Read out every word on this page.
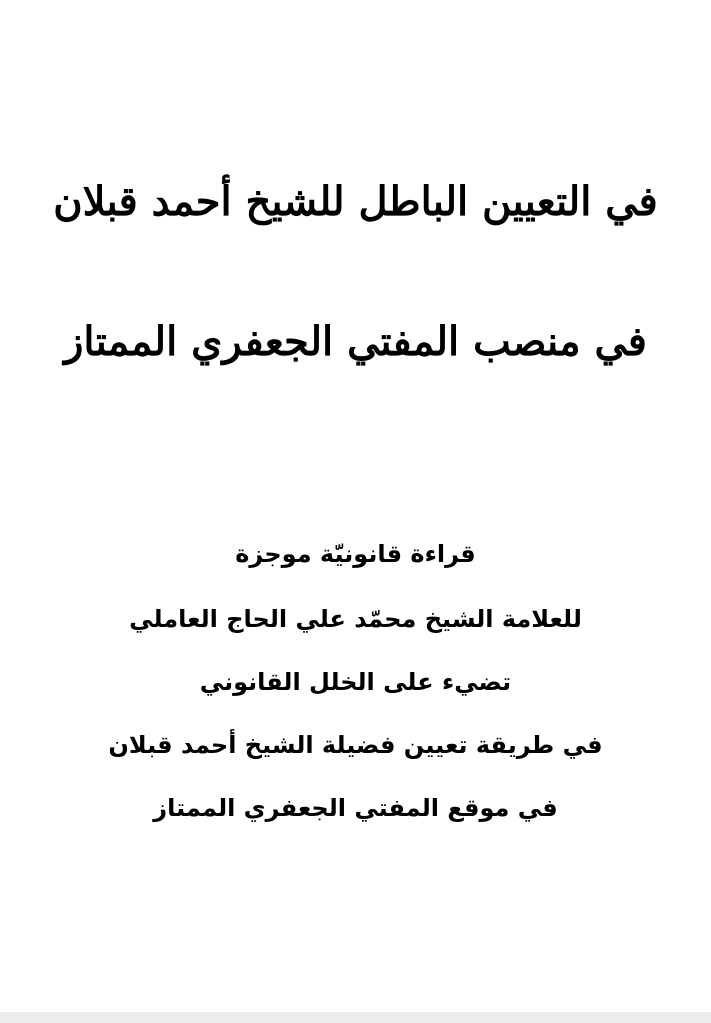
في التعيين الباطل للشيخ أحمد قبلان
في منصب المفتي الجعفري الممتاز
قراءة قانونيّة موجزة
للعلامة الشيخ محمّد علي الحاج العاملي
تضيء على الخلل القانوني
في طريقة تعيين فضيلة الشيخ أحمد قبلان
في موقع المفتي الجعفري الممتاز
